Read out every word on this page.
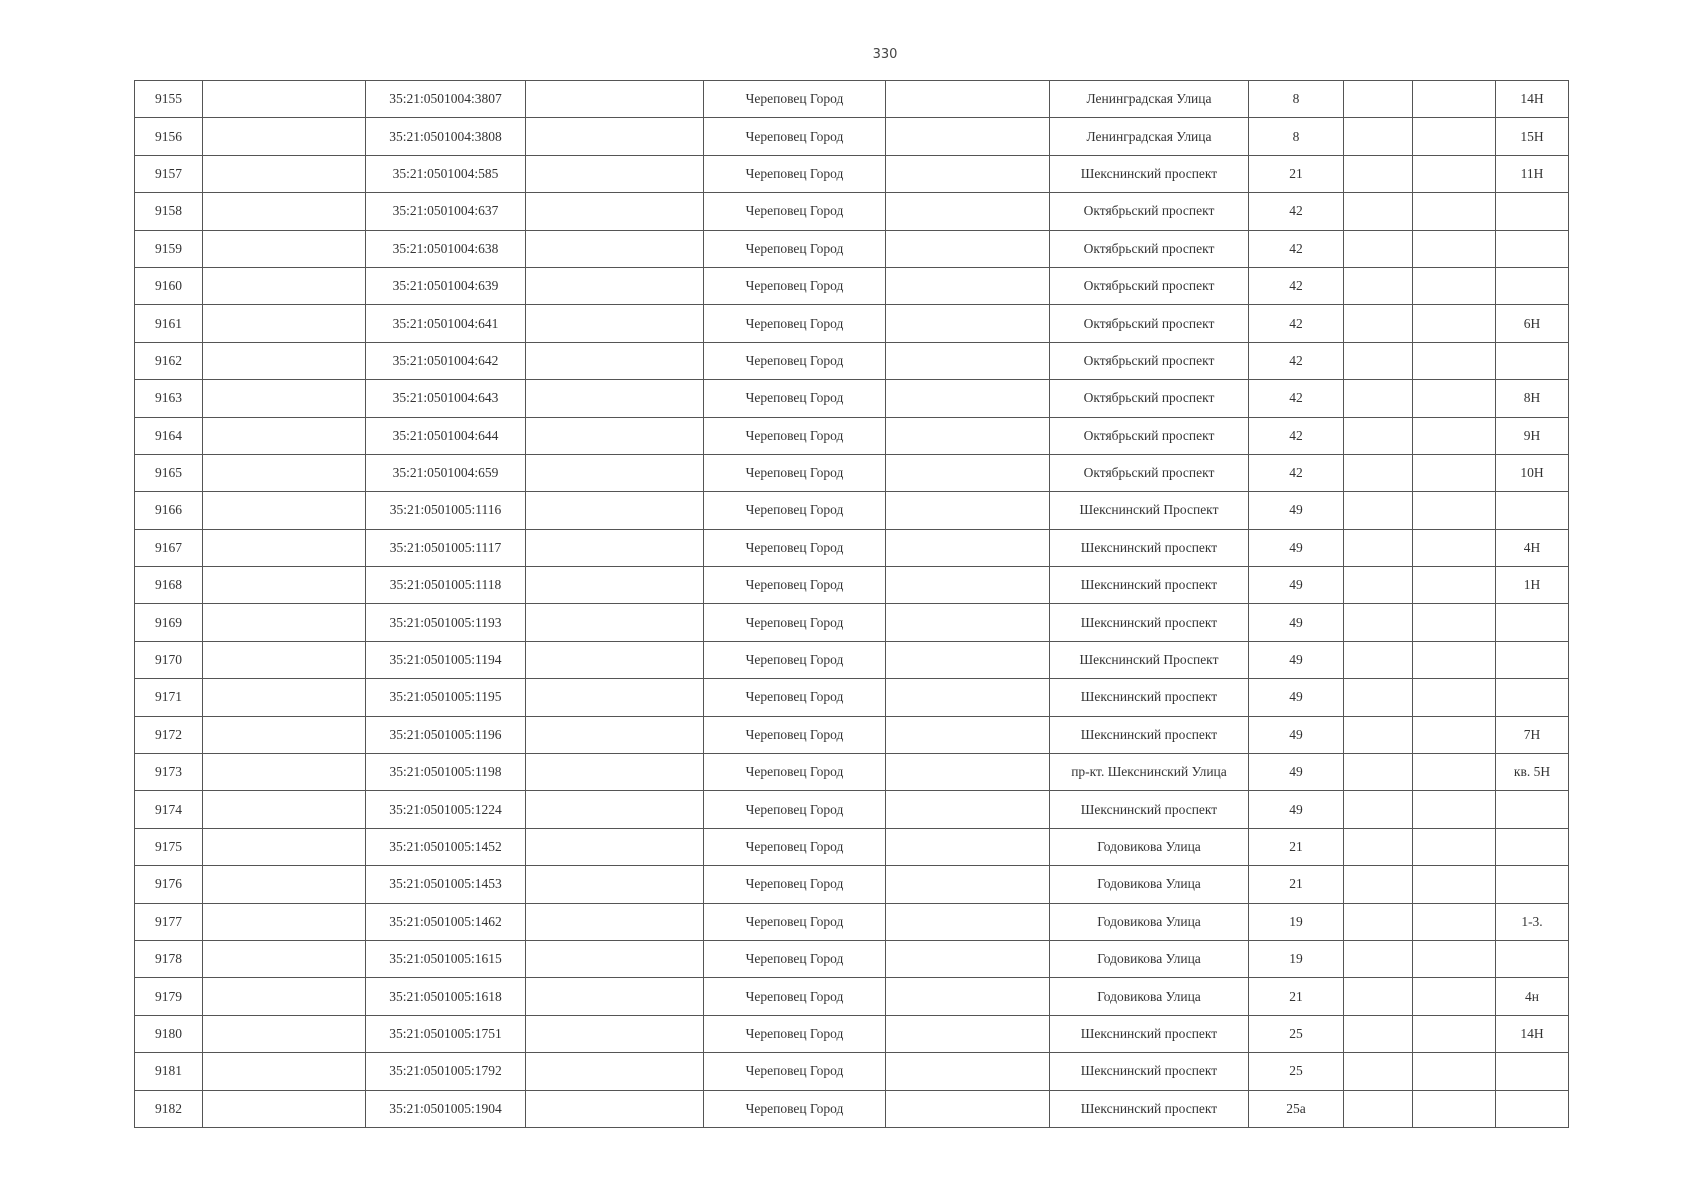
330
9155		35:21:0501004:3807		Череповец Город		Ленинградская Улица	8			14Н
9156		35:21:0501004:3808		Череповец Город		Ленинградская Улица	8			15Н
9157		35:21:0501004:585		Череповец Город		Шекснинский проспект	21			11Н
9158		35:21:0501004:637		Череповец Город		Октябрьский проспект	42			
9159		35:21:0501004:638		Череповец Город		Октябрьский проспект	42			
9160		35:21:0501004:639		Череповец Город		Октябрьский проспект	42			
9161		35:21:0501004:641		Череповец Город		Октябрьский проспект	42			6Н
9162		35:21:0501004:642		Череповец Город		Октябрьский проспект	42			
9163		35:21:0501004:643		Череповец Город		Октябрьский проспект	42			8Н
9164		35:21:0501004:644		Череповец Город		Октябрьский проспект	42			9Н
9165		35:21:0501004:659		Череповец Город		Октябрьский проспект	42			10Н
9166		35:21:0501005:1116		Череповец Город		Шекснинский Проспект	49			
9167		35:21:0501005:1117		Череповец Город		Шекснинский проспект	49			4Н
9168		35:21:0501005:1118		Череповец Город		Шекснинский проспект	49			1Н
9169		35:21:0501005:1193		Череповец Город		Шекснинский проспект	49			
9170		35:21:0501005:1194		Череповец Город		Шекснинский Проспект	49			
9171		35:21:0501005:1195		Череповец Город		Шекснинский проспект	49			
9172		35:21:0501005:1196		Череповец Город		Шекснинский проспект	49			7Н
9173		35:21:0501005:1198		Череповец Город		пр-кт. Шекснинский Улица	49			кв. 5Н
9174		35:21:0501005:1224		Череповец Город		Шекснинский проспект	49			
9175		35:21:0501005:1452		Череповец Город		Годовикова Улица	21			
9176		35:21:0501005:1453		Череповец Город		Годовикова Улица	21			
9177		35:21:0501005:1462		Череповец Город		Годовикова Улица	19			1-3.
9178		35:21:0501005:1615		Череповец Город		Годовикова Улица	19			
9179		35:21:0501005:1618		Череповец Город		Годовикова Улица	21			4н
9180		35:21:0501005:1751		Череповец Город		Шекснинский проспект	25			14Н
9181		35:21:0501005:1792		Череповец Город		Шекснинский проспект	25			
9182		35:21:0501005:1904		Череповец Город		Шекснинский проспект	25а			
